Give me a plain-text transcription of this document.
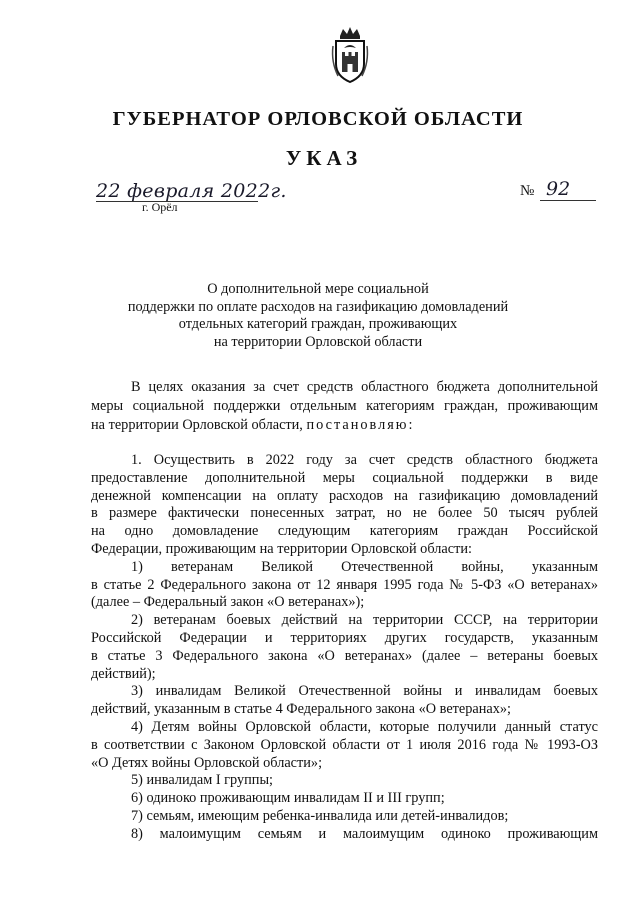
ГУБЕРНАТОР ОРЛОВСКОЙ ОБЛАСТИ
УКАЗ
22 февраля 2022г.
г. Орёл
№ 92
О дополнительной мере социальной
поддержки по оплате расходов на газификацию домовладений
отдельных категорий граждан, проживающих
на территории Орловской области
В целях оказания за счет средств областного бюджета дополнительной
меры социальной поддержки отдельным категориям граждан, проживающим
на территории Орловской области, постановляю:
1. Осуществить в 2022 году за счет средств областного бюджета
предоставление дополнительной меры социальной поддержки в виде
денежной компенсации на оплату расходов на газификацию домовладений
в размере фактически понесенных затрат, но не более 50 тысяч рублей
на одно домовладение следующим категориям граждан Российской
Федерации, проживающим на территории Орловской области:
1) ветеранам Великой Отечественной войны, указанным
в статье 2 Федерального закона от 12 января 1995 года № 5-ФЗ «О ветеранах»
(далее – Федеральный закон «О ветеранах»);
2) ветеранам боевых действий на территории СССР, на территории
Российской Федерации и территориях других государств, указанным
в статье 3 Федерального закона «О ветеранах» (далее – ветераны боевых
действий);
3) инвалидам Великой Отечественной войны и инвалидам боевых
действий, указанным в статье 4 Федерального закона «О ветеранах»;
4) Детям войны Орловской области, которые получили данный статус
в соответствии с Законом Орловской области от 1 июля 2016 года № 1993-ОЗ
«О Детях войны Орловской области»;
5) инвалидам I группы;
6) одиноко проживающим инвалидам II и III групп;
7) семьям, имеющим ребенка-инвалида или детей-инвалидов;
8) малоимущим семьям и малоимущим одиноко проживающим
